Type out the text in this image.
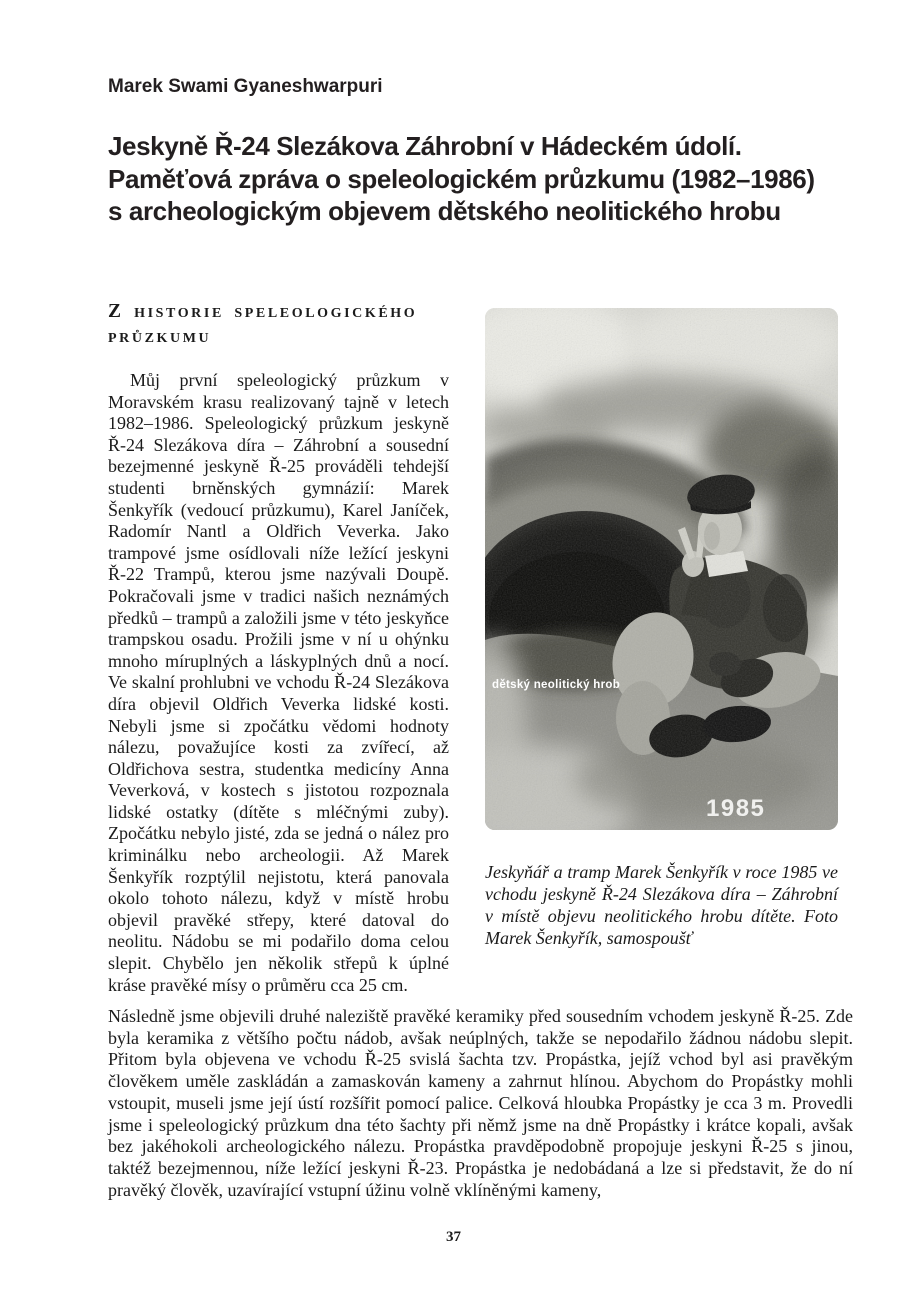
Marek Swami Gyaneshwarpuri
Jeskyně Ř-24 Slezákova Záhrobní v Hádeckém údolí.
Paměťová zpráva o speleologickém průzkumu (1982–1986)
s archeologickým objevem dětského neolitického hrobu
Z historie speleologického
průzkumu

Můj první speleologický průzkum v Moravském krasu realizovaný tajně v letech 1982–1986. Speleologický průzkum jeskyně Ř-24 Slezákova díra – Záhrobní a sousední bezejmenné jeskyně Ř-25 prováděli tehdejší studenti brněnských gymnázií: Marek Šenkyřík (vedoucí průzkumu), Karel Janíček, Radomír Nantl a Oldřich Veverka. Jako trampové jsme osídlovali níže ležící jeskyni Ř-22 Trampů, kterou jsme nazývali Doupě. Pokračovali jsme v tradici našich neznámých předků – trampů a založili jsme v této jeskyňce trampskou osadu. Prožili jsme v ní u ohýnku mnoho míruplných a láskyplných dnů a nocí. Ve skalní prohlubni ve vchodu Ř-24 Slezákova díra objevil Oldřich Veverka lidské kosti. Nebyli jsme si zpočátku vědomi hodnoty nálezu, považujíce kosti za zvířecí, až Oldřichova sestra, studentka medicíny Anna Veverková, v kostech s jistotou rozpoznala lidské ostatky (dítěte s mléčnými zuby). Zpočátku nebylo jisté, zda se jedná o nález pro kriminálku nebo archeologii. Až Marek Šenkyřík rozptýlil nejistotu, která panovala okolo tohoto nálezu, když v místě hrobu objevil pravěké střepy, které datoval do neolitu. Nádobu se mi podařilo doma celou slepit. Chybělo jen několik střepů k úplné kráse pravěké mísy o průměru cca 25 cm.

dětský neolitický hrob
1985
Jeskyňář a tramp Marek Šenkyřík v roce 1985 ve vchodu jeskyně Ř-24 Slezákova díra – Záhrobní v místě objevu neolitického hrobu dítěte. Foto Marek Šenkyřík, samospoušť
Následně jsme objevili druhé naleziště pravěké keramiky před sousedním vchodem jeskyně Ř-25. Zde byla keramika z většího počtu nádob, avšak neúplných, takže se nepodařilo žádnou nádobu slepit. Přitom byla objevena ve vchodu Ř-25 svislá šachta tzv. Propástka, jejíž vchod byl asi pravěkým člověkem uměle zaskládán a zamaskován kameny a zahrnut hlínou. Abychom do Propástky mohli vstoupit, museli jsme její ústí rozšířit pomocí palice. Celková hloubka Propástky je cca 3 m. Provedli jsme i speleologický průzkum dna této šachty při němž jsme na dně Propástky i krátce kopali, avšak bez jakéhokoli archeologického nálezu. Propástka pravděpodobně propojuje jeskyni Ř-25 s jinou, taktéž bezejmennou, níže ležící jeskyni Ř-23. Propástka je nedobádaná a lze si představit, že do ní pravěký člověk, uzavírající vstupní úžinu volně vklíněnými kameny,
37
